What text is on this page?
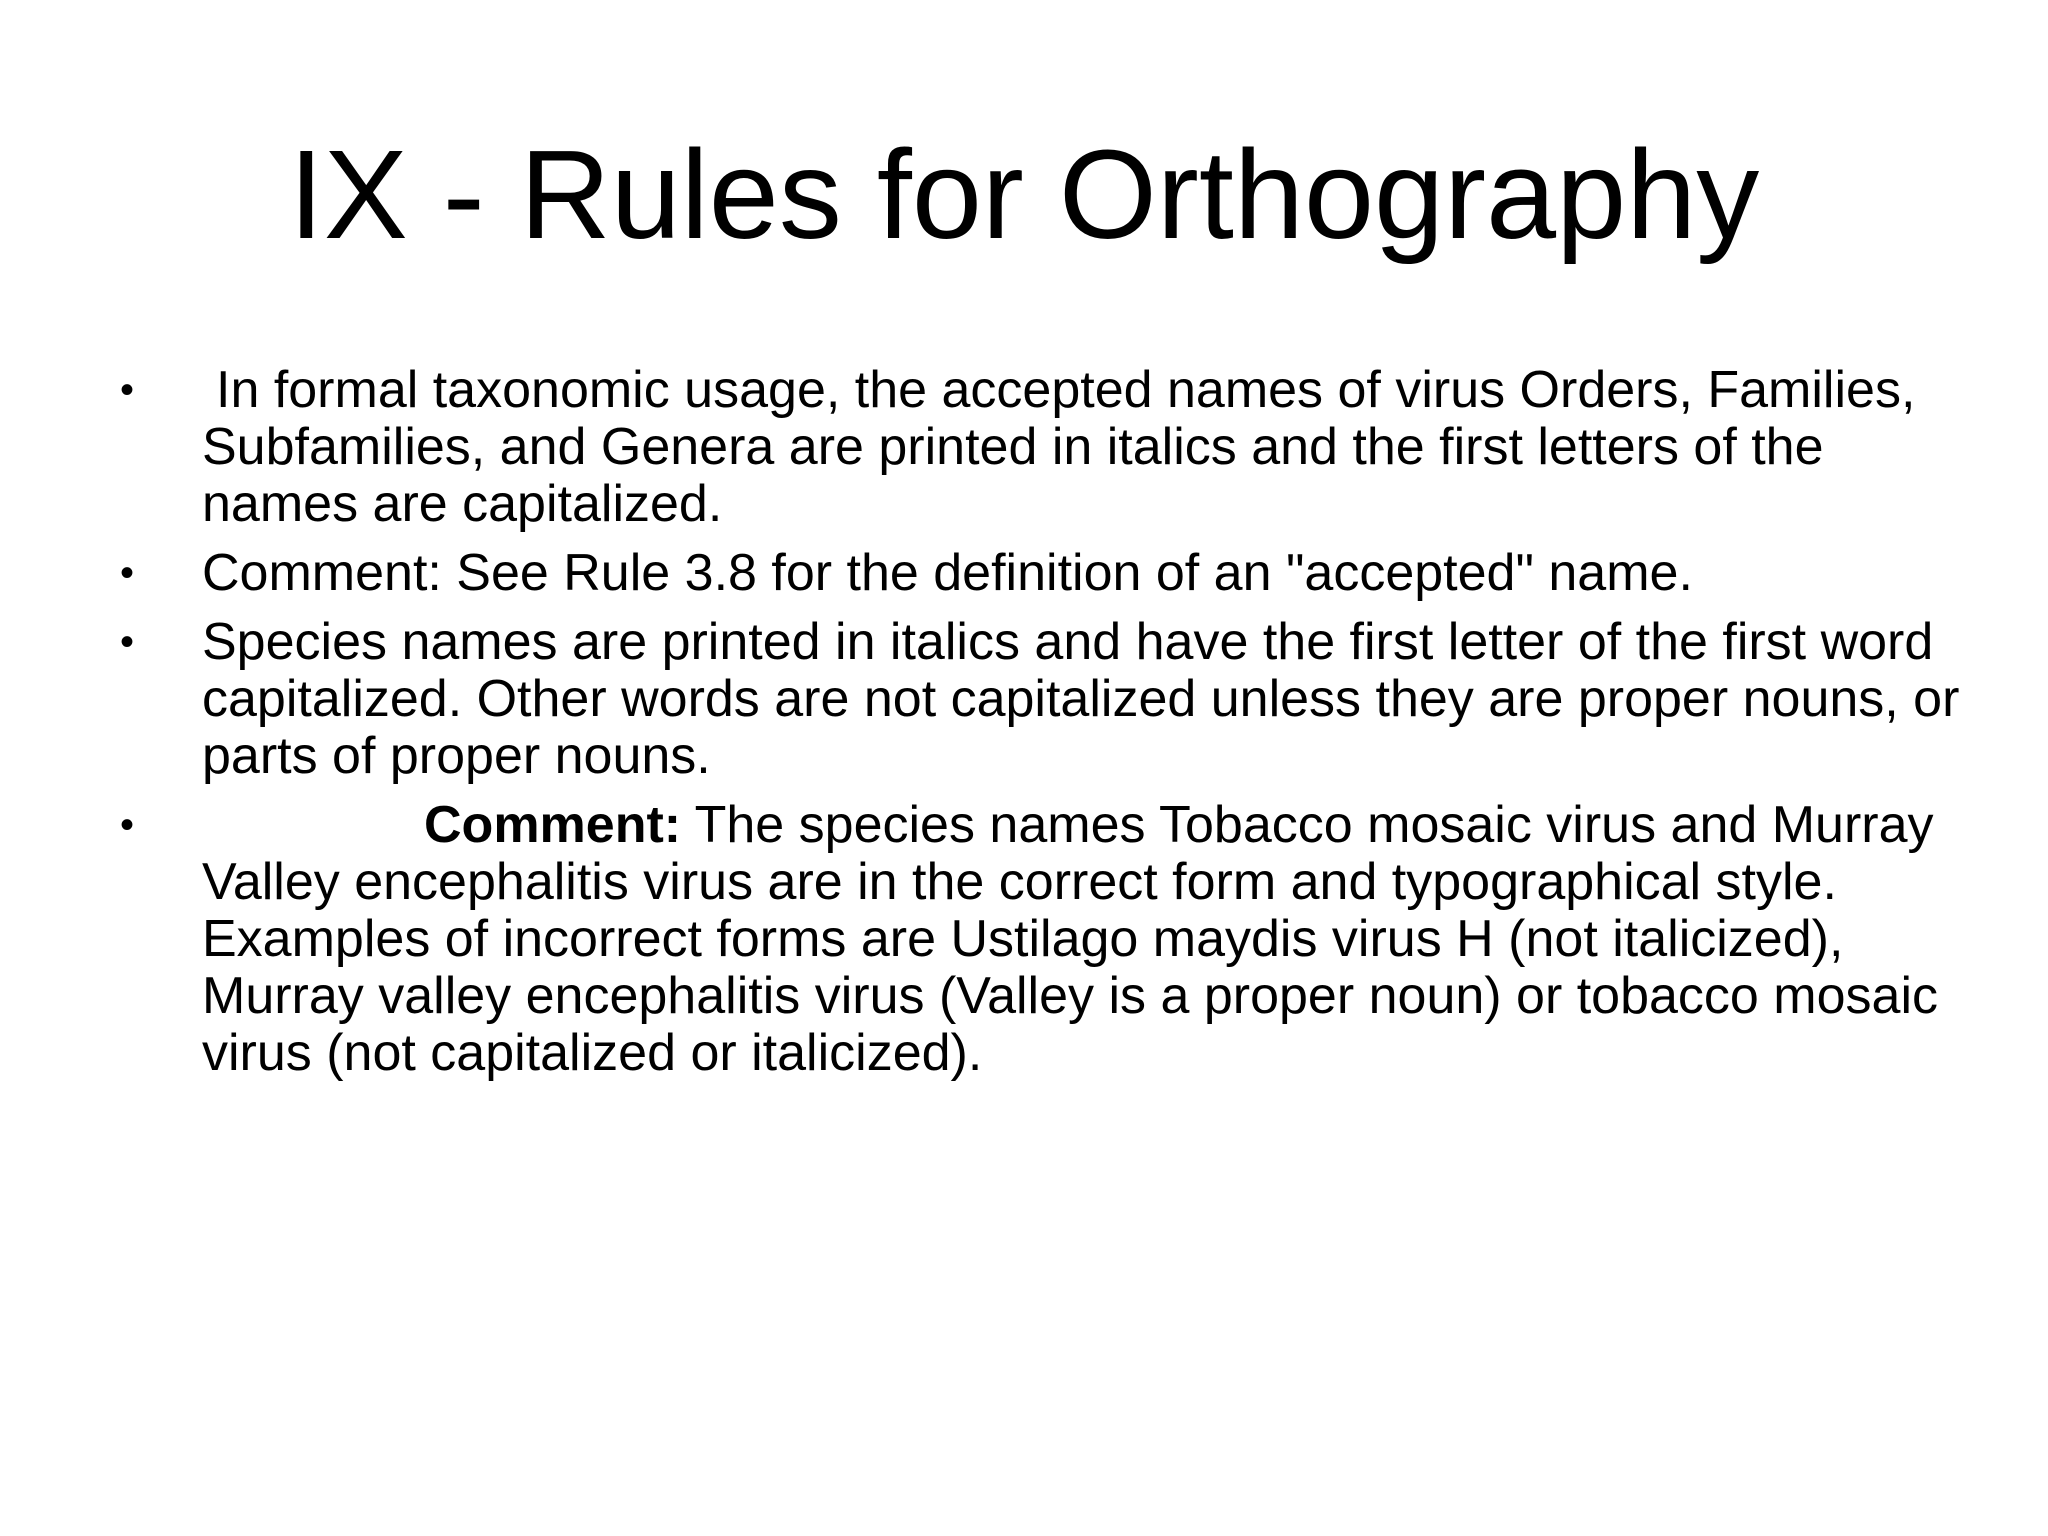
IX - Rules for Orthography
•	In formal taxonomic usage, the accepted names of virus Orders, Families, Subfamilies, and Genera are printed in italics and the first letters of the names are capitalized.
•	Comment: See Rule 3.8 for the definition of an "accepted" name.
•	Species names are printed in italics and have the first letter of the first word capitalized. Other words are not capitalized unless they are proper nouns, or parts of proper nouns.
•	Comment: The species names Tobacco mosaic virus and Murray Valley encephalitis virus are in the correct form and typographical style. Examples of incorrect forms are Ustilago maydis virus H (not italicized), Murray valley encephalitis virus (Valley is a proper noun) or tobacco mosaic virus (not capitalized or italicized).
